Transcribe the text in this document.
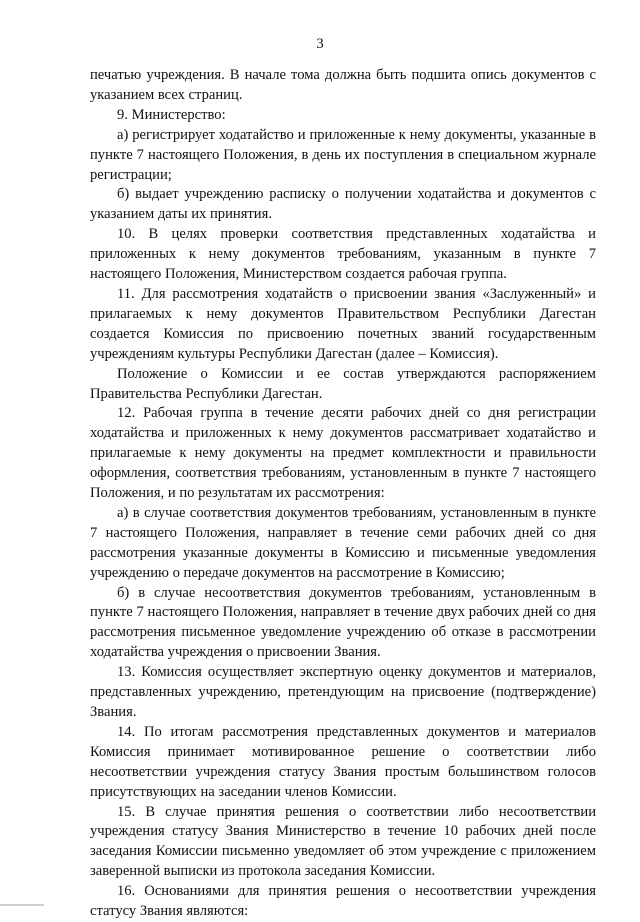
3

печатью учреждения. В начале тома должна быть подшита опись документов с указанием всех страниц.

9. Министерство:

а) регистрирует ходатайство и приложенные к нему документы, указанные в пункте 7 настоящего Положения, в день их поступления в специальном журнале регистрации;

б) выдает учреждению расписку о получении ходатайства и документов с указанием даты их принятия.

10. В целях проверки соответствия представленных ходатайства и приложенных к нему документов требованиям, указанным в пункте 7 настоящего Положения, Министерством создается рабочая группа.

11. Для рассмотрения ходатайств о присвоении звания «Заслуженный» и прилагаемых к нему документов Правительством Республики Дагестан создается Комиссия по присвоению почетных званий государственным учреждениям культуры Республики Дагестан (далее – Комиссия).

Положение о Комиссии и ее состав утверждаются распоряжением Правительства Республики Дагестан.

12. Рабочая группа в течение десяти рабочих дней со дня регистрации ходатайства и приложенных к нему документов рассматривает ходатайство и прилагаемые к нему документы на предмет комплектности и правильности оформления, соответствия требованиям, установленным в пункте 7 настоящего Положения, и по результатам их рассмотрения:

а) в случае соответствия документов требованиям, установленным в пункте 7 настоящего Положения, направляет в течение семи рабочих дней со дня рассмотрения указанные документы в Комиссию и письменные уведомления учреждению о передаче документов на рассмотрение в Комиссию;

б) в случае несоответствия документов требованиям, установленным в пункте 7 настоящего Положения, направляет в течение двух рабочих дней со дня рассмотрения письменное уведомление учреждению об отказе в рассмотрении ходатайства учреждения о присвоении Звания.

13. Комиссия осуществляет экспертную оценку документов и материалов, представленных учреждению, претендующим на присвоение (подтверждение) Звания.

14. По итогам рассмотрения представленных документов и материалов Комиссия принимает мотивированное решение о соответствии либо несоответствии учреждения статусу Звания простым большинством голосов присутствующих на заседании членов Комиссии.

15. В случае принятия решения о соответствии либо несоответствии учреждения статусу Звания Министерство в течение 10 рабочих дней после заседания Комиссии письменно уведомляет об этом учреждение с приложением заверенной выписки из протокола заседания Комиссии.

16. Основаниями для принятия решения о несоответствии учреждения статусу Звания являются:
